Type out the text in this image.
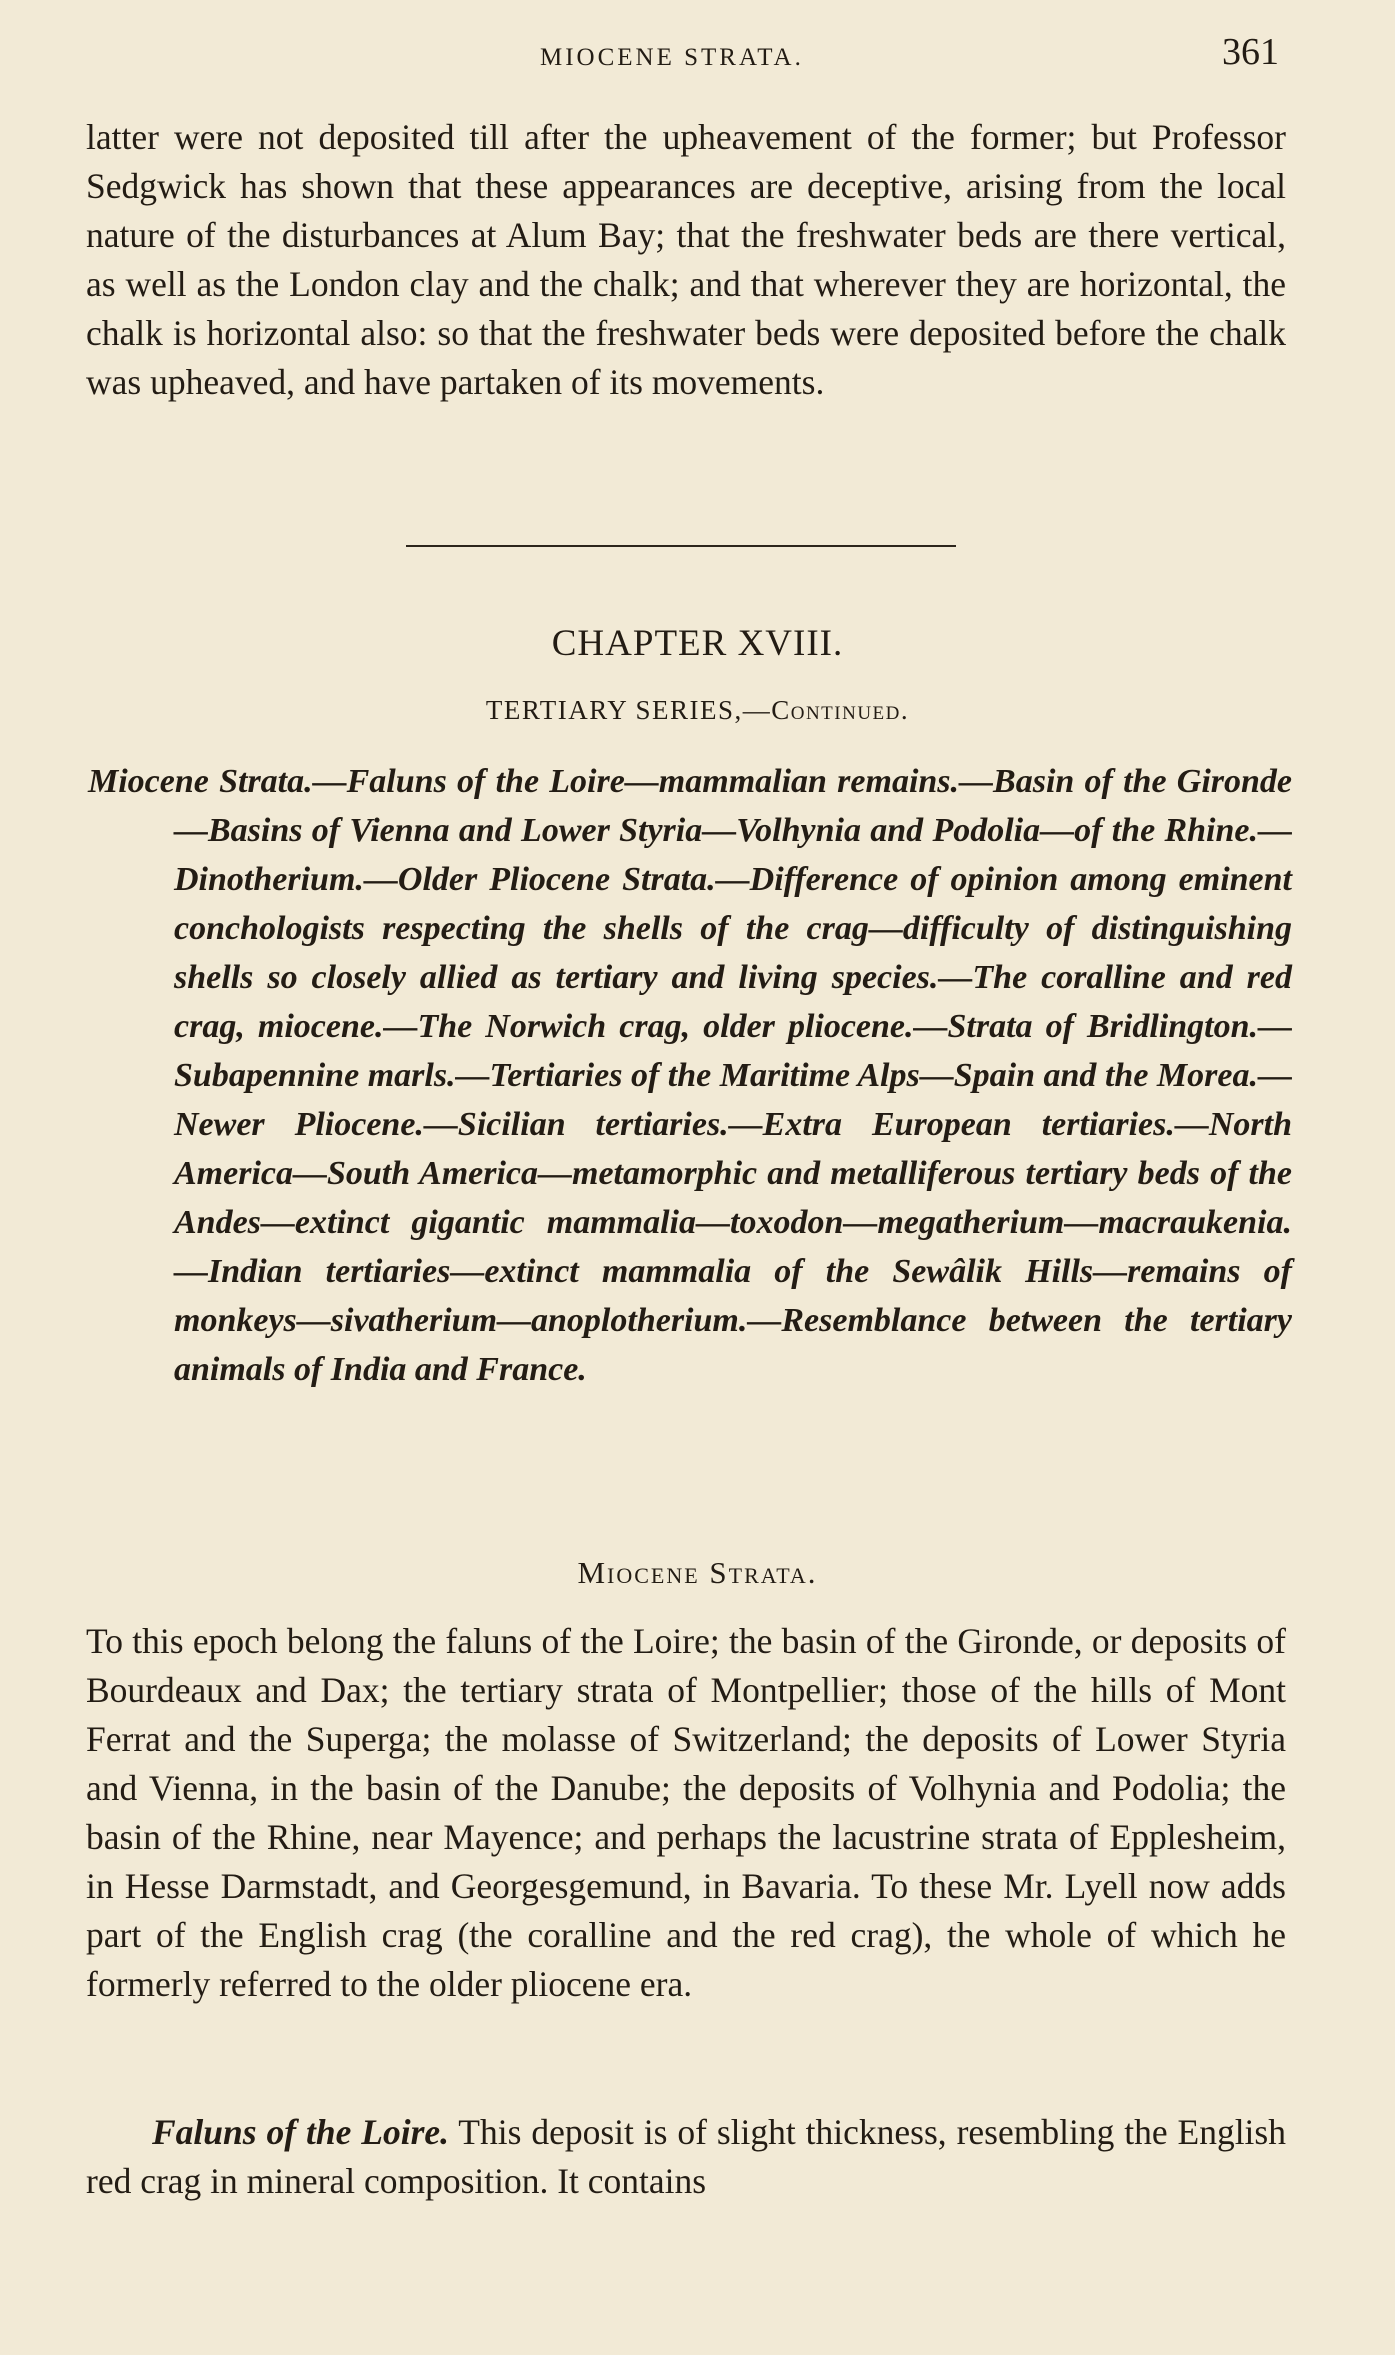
MIOCENE STRATA.	361
latter were not deposited till after the upheavement of the former; but Professor Sedgwick has shown that these appearances are deceptive, arising from the local nature of the disturbances at Alum Bay; that the freshwater beds are there vertical, as well as the London clay and the chalk; and that wherever they are horizontal, the chalk is horizontal also: so that the freshwater beds were deposited before the chalk was upheaved, and have partaken of its movements.
CHAPTER XVIII.
TERTIARY SERIES,—Continued.
Miocene Strata.—Faluns of the Loire—mammalian remains.—Basin of the Gironde—Basins of Vienna and Lower Styria—Volhynia and Podolia—of the Rhine.—Dinotherium.—Older Pliocene Strata.—Difference of opinion among eminent conchologists respecting the shells of the crag—difficulty of distinguishing shells so closely allied as tertiary and living species.—The coralline and red crag, miocene.—The Norwich crag, older pliocene.—Strata of Bridlington.—Subapennine marls.—Tertiaries of the Maritime Alps—Spain and the Morea.—Newer Pliocene.—Sicilian tertiaries.—Extra European tertiaries.—North America—South America—metamorphic and metalliferous tertiary beds of the Andes—extinct gigantic mammalia—toxodon—megatherium—macraukenia.—Indian tertiaries—extinct mammalia of the Sewâlik Hills—remains of monkeys—sivatherium—anoplotherium.—Resemblance between the tertiary animals of India and France.
Miocene Strata.
To this epoch belong the faluns of the Loire; the basin of the Gironde, or deposits of Bourdeaux and Dax; the tertiary strata of Montpellier; those of the hills of Mont Ferrat and the Superga; the molasse of Switzerland; the deposits of Lower Styria and Vienna, in the basin of the Danube; the deposits of Volhynia and Podolia; the basin of the Rhine, near Mayence; and perhaps the lacustrine strata of Epplesheim, in Hesse Darmstadt, and Georgesgemund, in Bavaria. To these Mr. Lyell now adds part of the English crag (the coralline and the red crag), the whole of which he formerly referred to the older pliocene era.
Faluns of the Loire. This deposit is of slight thickness, resembling the English red crag in mineral composition. It contains
